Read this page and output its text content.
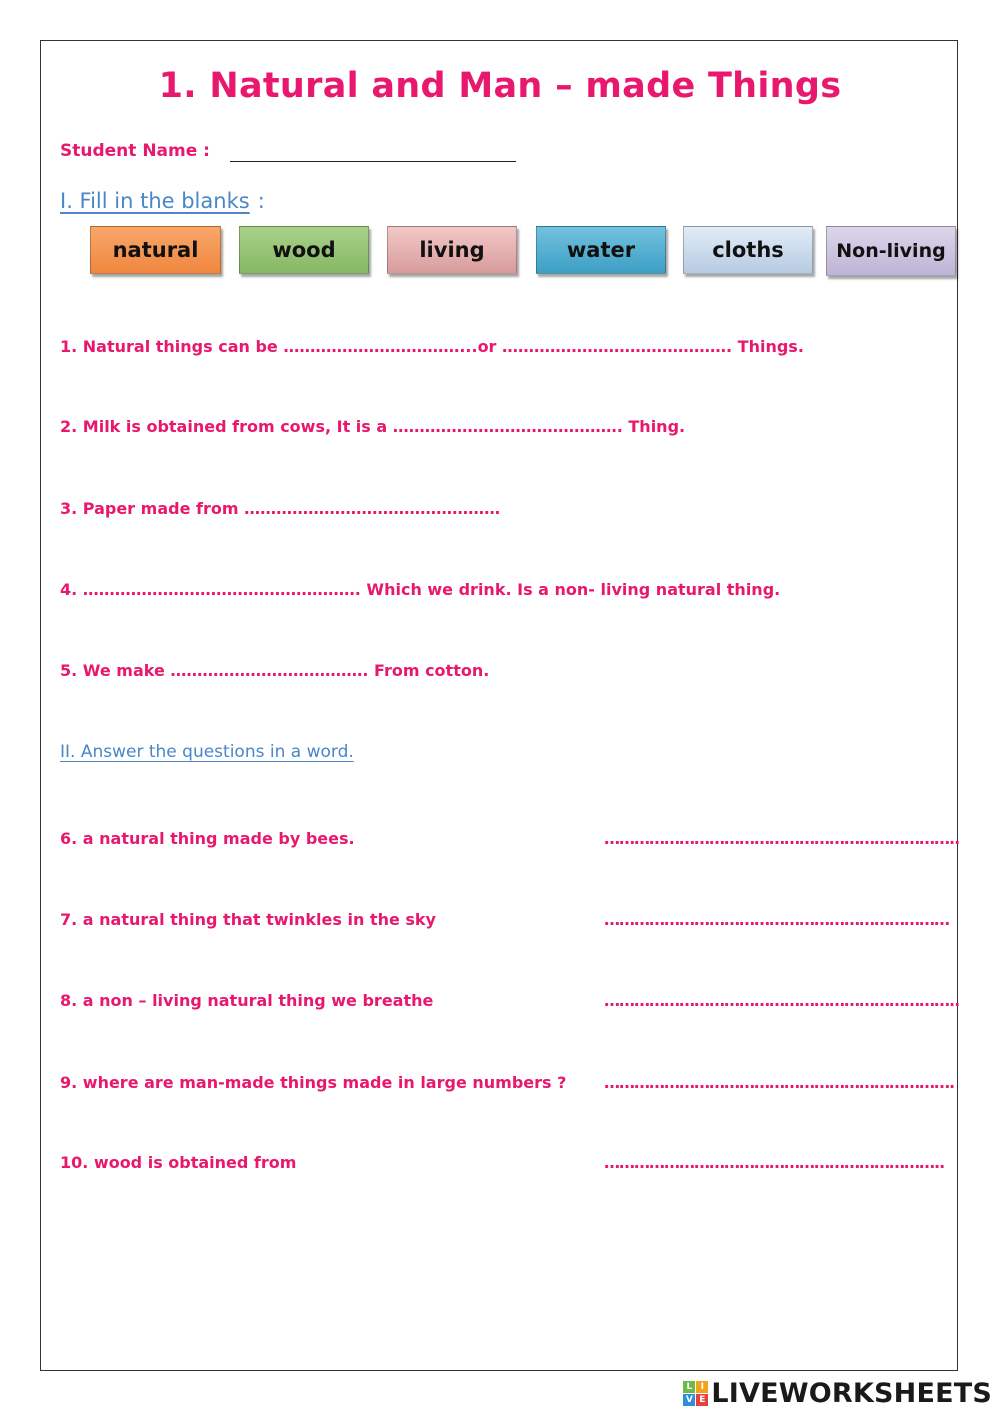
1. Natural and Man – made Things
Student Name :
I. Fill in the blanks :
natural	wood	living	water	cloths	Non-living
1. Natural things can be ……………………………...or ……………………………………. Things.
2. Milk is obtained from cows, It is a ……………………………………. Thing.
3. Paper made from …………………………………………
4. ……………………………………………. Which we drink. Is a non- living natural thing.
5. We make ………………………………. From cotton.
II. Answer the questions in a word.
6. a natural thing made by bees.	……………………………………………………………..
7. a natural thing that twinkles in the sky	……………………………………………………………
8. a non – living natural thing we breathe	……………………………………………………………..
9. where are man-made things made in large numbers ? …………………………………………………………….
10. wood is obtained from	…………………………………………………………..
L I
V E LIVEWORKSHEETS
